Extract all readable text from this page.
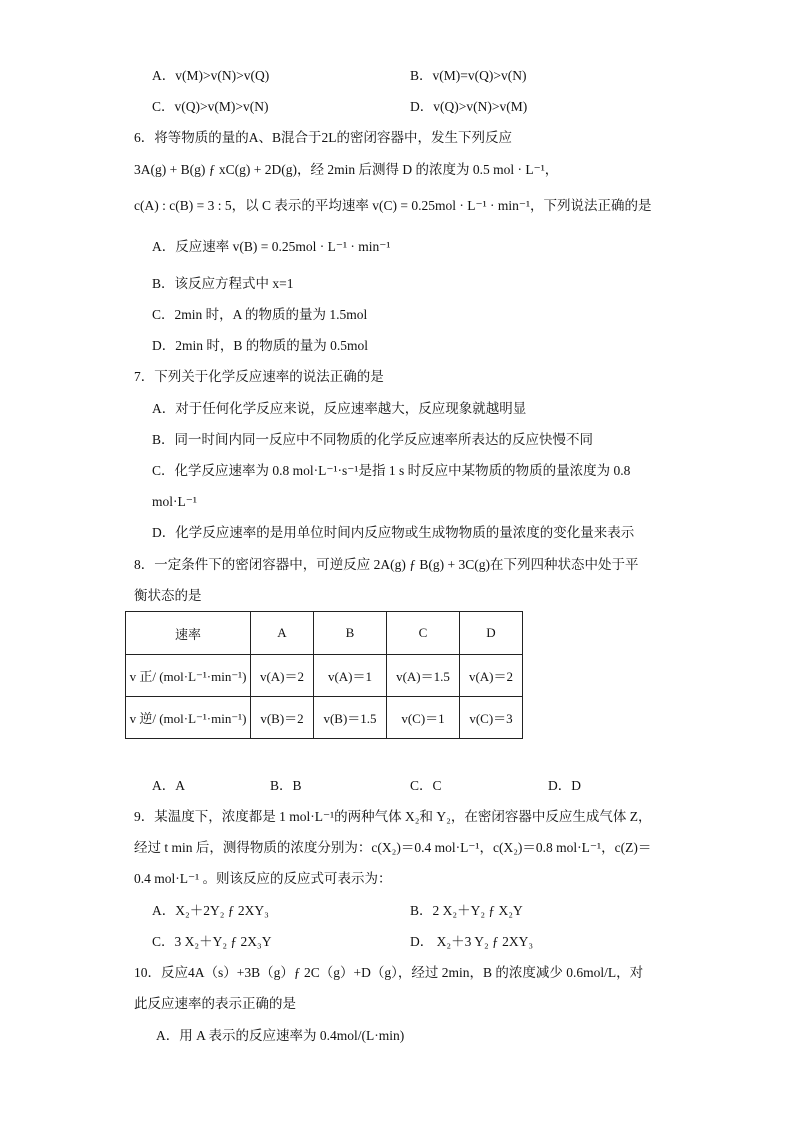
A．v(M)>v(N)>v(Q)	B．v(M)=v(Q)>v(N)
C．v(Q)>v(M)>v(N)	D．v(Q)>v(N)>v(M)
6．将等物质的量的A、B混合于2L的密闭容器中，发生下列反应
3A(g) + B(g) ƒ xC(g) + 2D(g)，经 2min 后测得 D 的浓度为 0.5 mol · L⁻¹，
c(A) : c(B) = 3 : 5，以 C 表示的平均速率 v(C) = 0.25mol · L⁻¹ · min⁻¹，下列说法正确的是
A．反应速率 v(B) = 0.25mol · L⁻¹ · min⁻¹
B．该反应方程式中 x=1
C．2min 时，A 的物质的量为 1.5mol
D．2min 时，B 的物质的量为 0.5mol
7．下列关于化学反应速率的说法正确的是
A．对于任何化学反应来说，反应速率越大，反应现象就越明显
B．同一时间内同一反应中不同物质的化学反应速率所表达的反应快慢不同
C．化学反应速率为 0.8 mol·L⁻¹·s⁻¹是指 1 s 时反应中某物质的物质的量浓度为 0.8
mol·L⁻¹
D．化学反应速率的是用单位时间内反应物或生成物物质的量浓度的变化量来表示
8．一定条件下的密闭容器中，可逆反应 2A(g) ƒ B(g) + 3C(g)在下列四种状态中处于平
衡状态的是
速率	A	B	C	D
v 正/ (mol·L⁻¹·min⁻¹)	v(A)＝2	v(A)＝1	v(A)＝1.5	v(A)＝2
v 逆/ (mol·L⁻¹·min⁻¹)	v(B)＝2	v(B)＝1.5	v(C)＝1	v(C)＝3
A．A	B．B	C．C	D．D
9．某温度下，浓度都是 1 mol·L⁻¹的两种气体 X₂和 Y₂，在密闭容器中反应生成气体 Z，
经过 t min 后，测得物质的浓度分别为：c(X₂)＝0.4 mol·L⁻¹，c(X₂)＝0.8 mol·L⁻¹，c(Z)＝
0.4 mol·L⁻¹ 。则该反应的反应式可表示为：
A．X₂＋2Y₂ ƒ 2XY₃	B．2 X₂＋Y₂ ƒ X₂Y
C．3 X₂＋Y₂ ƒ 2X₃Y	D． X₂＋3 Y₂ ƒ 2XY₃
10．反应4A（s）+3B（g）ƒ 2C（g）+D（g），经过 2min，B 的浓度减少 0.6mol/L，对
此反应速率的表示正确的是
A．用 A 表示的反应速率为 0.4mol/(L·min)
